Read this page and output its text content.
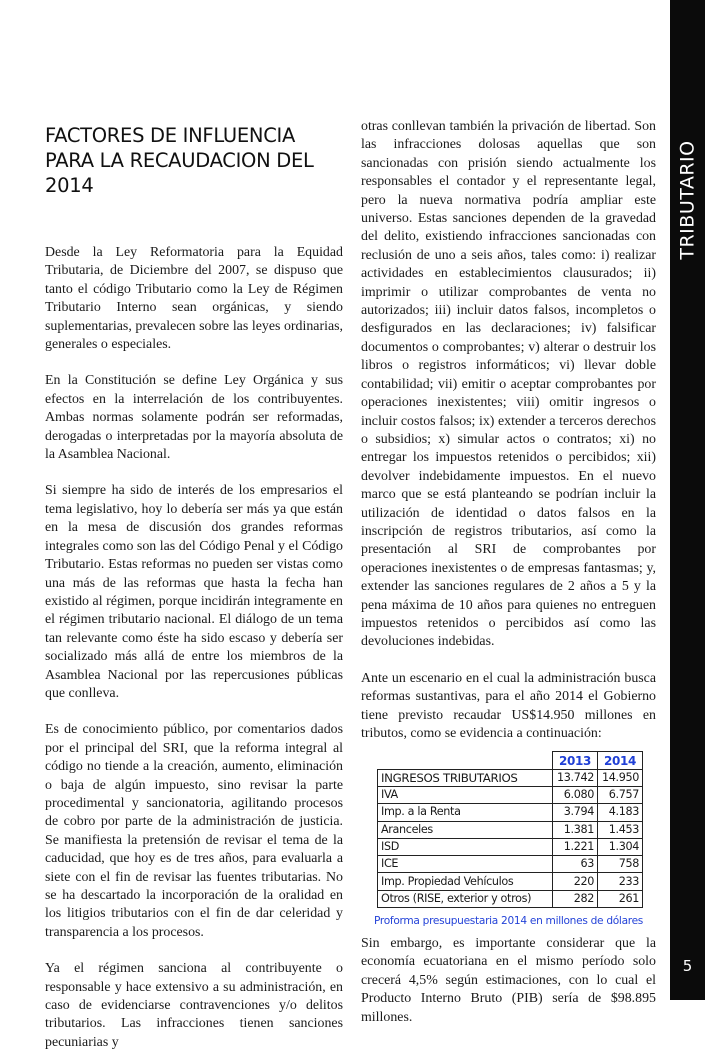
TRIBUTARIO
5
FACTORES DE INFLUENCIA
PARA LA RECAUDACION DEL
2014

Desde la Ley Reformatoria para la Equidad Tributaria, de Diciembre del 2007, se dispuso que tanto el código Tributario como la Ley de Régimen Tributario Interno sean orgánicas, y siendo suplementarias, prevalecen sobre las leyes ordinarias, generales o especiales.

En la Constitución se define Ley Orgánica y sus efectos en la interrelación de los contribuyentes. Ambas normas solamente podrán ser reformadas, derogadas o interpretadas por la mayoría absoluta de la Asamblea Nacional.

Si siempre ha sido de interés de los empresarios el tema legislativo, hoy lo debería ser más ya que están en la mesa de discusión dos grandes reformas integrales como son las del Código Penal y el Código Tributario. Estas reformas no pueden ser vistas como una más de las reformas que hasta la fecha han existido al régimen, porque incidirán integramente en el régimen tributario nacional. El diálogo de un tema tan relevante como éste ha sido escaso y debería ser socializado más allá de entre los miembros de la Asamblea Nacional por las repercusiones públicas que conlleva.

Es de conocimiento público, por comentarios dados por el principal del SRI, que la reforma integral al código no tiende a la creación, aumento, eliminación o baja de algún impuesto, sino revisar la parte procedimental y sancionatoria, agilitando procesos de cobro por parte de la administración de justicia. Se manifiesta la pretensión de revisar el tema de la caducidad, que hoy es de tres años, para evaluarla a siete con el fin de revisar las fuentes tributarias. No se ha descartado la incorporación de la oralidad en los litigios tributarios con el fin de dar celeridad y transparencia a los procesos.

Ya el régimen sanciona al contribuyente o responsable y hace extensivo a su administración, en caso de evidenciarse contravenciones y/o delitos tributarios. Las infracciones tienen sanciones pecuniarias y

otras conllevan también la privación de libertad. Son las infracciones dolosas aquellas que son sancionadas con prisión siendo actualmente los responsables el contador y el representante legal, pero la nueva normativa podría ampliar este universo. Estas sanciones dependen de la gravedad del delito, existiendo infracciones sancionadas con reclusión de uno a seis años, tales como: i) realizar actividades en establecimientos clausurados; ii) imprimir o utilizar comprobantes de venta no autorizados; iii) incluir datos falsos, incompletos o desfigurados en las declaraciones; iv) falsificar documentos o comprobantes; v) alterar o destruir los libros o registros informáticos; vi) llevar doble contabilidad; vii) emitir o aceptar comprobantes por operaciones inexistentes; viii) omitir ingresos o incluir costos falsos; ix) extender a terceros derechos o subsidios; x) simular actos o contratos; xi) no entregar los impuestos retenidos o percibidos; xii) devolver indebidamente impuestos. En el nuevo marco que se está planteando se podrían incluir la utilización de identidad o datos falsos en la inscripción de registros tributarios, así como la presentación al SRI de comprobantes por operaciones inexistentes o de empresas fantasmas; y, extender las sanciones regulares de 2 años a 5 y la pena máxima de 10 años para quienes no entreguen impuestos retenidos o percibidos así como las devoluciones indebidas.

Ante un escenario en el cual la administración busca reformas sustantivas, para el año 2014 el Gobierno tiene previsto recaudar US$14.950 millones en tributos, como se evidencia a continuación:

	2013	2014
INGRESOS TRIBUTARIOS	13.742	14.950
IVA	6.080	6.757
Imp. a la Renta	3.794	4.183
Aranceles	1.381	1.453
ISD	1.221	1.304
ICE	63	758
Imp. Propiedad Vehículos	220	233
Otros (RISE, exterior y otros)	282	261
Proforma presupuestaria 2014 en millones de dólares

Sin embargo, es importante considerar que la economía ecuatoriana en el mismo período solo crecerá 4,5% según estimaciones, con lo cual el Producto Interno Bruto (PIB) sería de $98.895 millones.
